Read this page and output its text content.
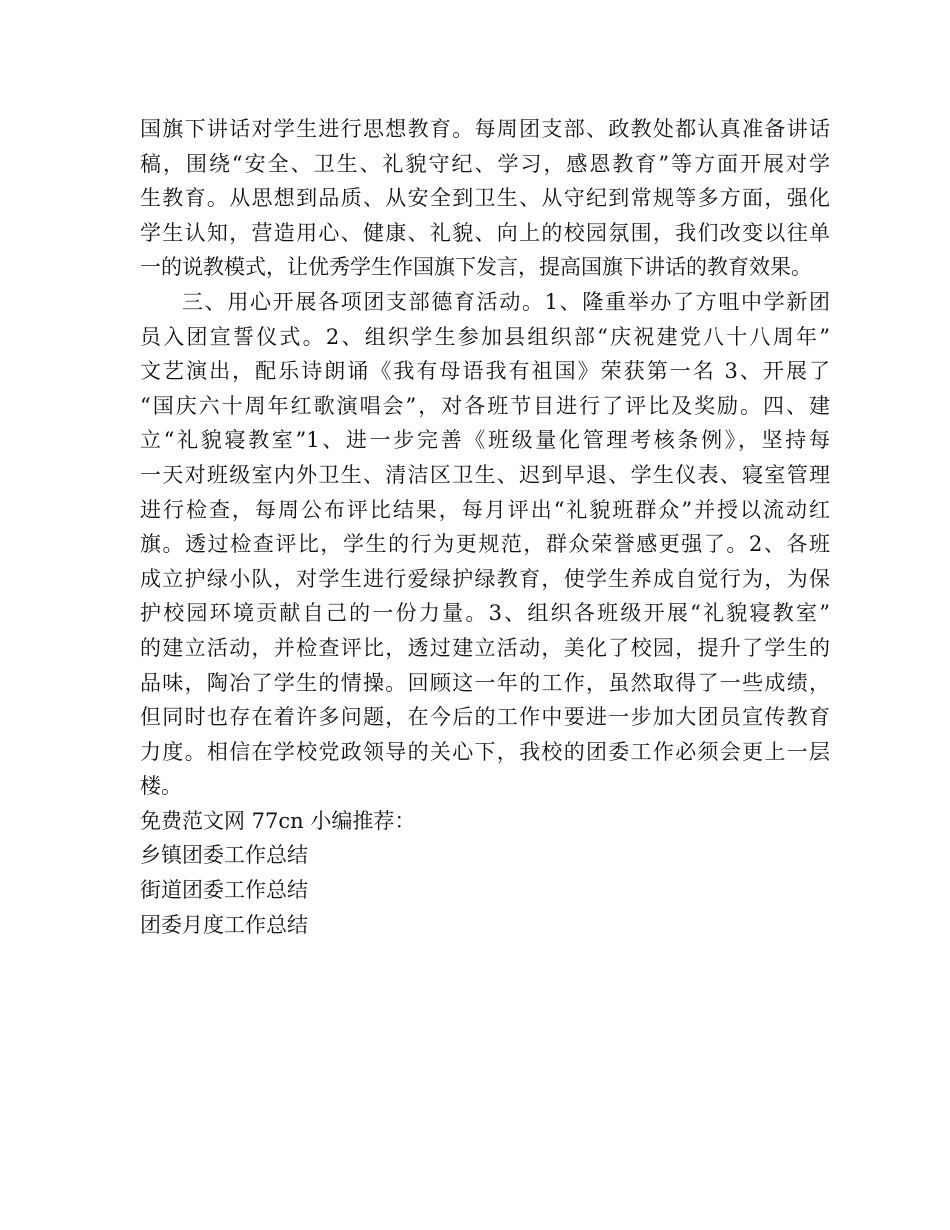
国旗下讲话对学生进行思想教育。每周团支部、政教处都认真准备讲话
稿，围绕“安全、卫生、礼貌守纪、学习，感恩教育”等方面开展对学
生教育。从思想到品质、从安全到卫生、从守纪到常规等多方面，强化
学生认知，营造用心、健康、礼貌、向上的校园氛围，我们改变以往单
一的说教模式，让优秀学生作国旗下发言，提高国旗下讲话的教育效果。
三、用心开展各项团支部德育活动。1、隆重举办了方咀中学新团
员入团宣誓仪式。2、组织学生参加县组织部“庆祝建党八十八周年”
文艺演出，配乐诗朗诵《我有母语我有祖国》荣获第一名 3、开展了
“国庆六十周年红歌演唱会”，对各班节目进行了评比及奖励。四、建
立“礼貌寝教室”1、进一步完善《班级量化管理考核条例》，坚持每
一天对班级室内外卫生、清洁区卫生、迟到早退、学生仪表、寝室管理
进行检查，每周公布评比结果，每月评出“礼貌班群众”并授以流动红
旗。透过检查评比，学生的行为更规范，群众荣誉感更强了。2、各班
成立护绿小队，对学生进行爱绿护绿教育，使学生养成自觉行为，为保
护校园环境贡献自己的一份力量。3、组织各班级开展“礼貌寝教室”
的建立活动，并检查评比，透过建立活动，美化了校园，提升了学生的
品味，陶冶了学生的情操。回顾这一年的工作，虽然取得了一些成绩，
但同时也存在着许多问题，在今后的工作中要进一步加大团员宣传教育
力度。相信在学校党政领导的关心下，我校的团委工作必须会更上一层
楼。
免费范文网 77cn 小编推荐：
乡镇团委工作总结
街道团委工作总结
团委月度工作总结
